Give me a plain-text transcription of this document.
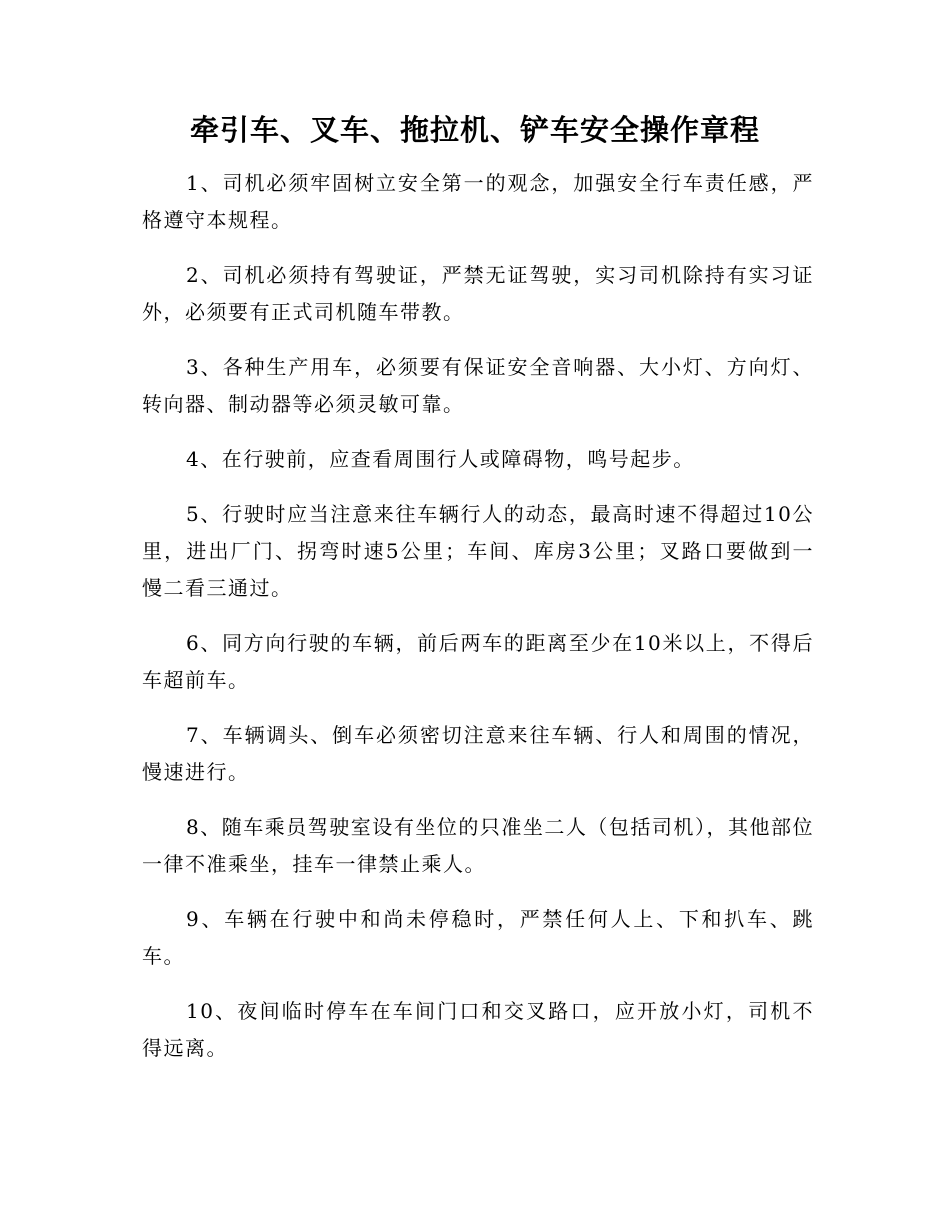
牵引车、叉车、拖拉机、铲车安全操作章程

1、司机必须牢固树立安全第一的观念，加强安全行车责任感，严格遵守本规程。

2、司机必须持有驾驶证，严禁无证驾驶，实习司机除持有实习证外，必须要有正式司机随车带教。

3、各种生产用车，必须要有保证安全音响器、大小灯、方向灯、转向器、制动器等必须灵敏可靠。

4、在行驶前，应查看周围行人或障碍物，鸣号起步。

5、行驶时应当注意来往车辆行人的动态，最高时速不得超过10公里，进出厂门、拐弯时速5公里；车间、库房3公里；叉路口要做到一慢二看三通过。

6、同方向行驶的车辆，前后两车的距离至少在10米以上，不得后车超前车。

7、车辆调头、倒车必须密切注意来往车辆、行人和周围的情况，慢速进行。

8、随车乘员驾驶室设有坐位的只准坐二人（包括司机），其他部位一律不准乘坐，挂车一律禁止乘人。

9、车辆在行驶中和尚未停稳时，严禁任何人上、下和扒车、跳车。

10、夜间临时停车在车间门口和交叉路口，应开放小灯，司机不得远离。
